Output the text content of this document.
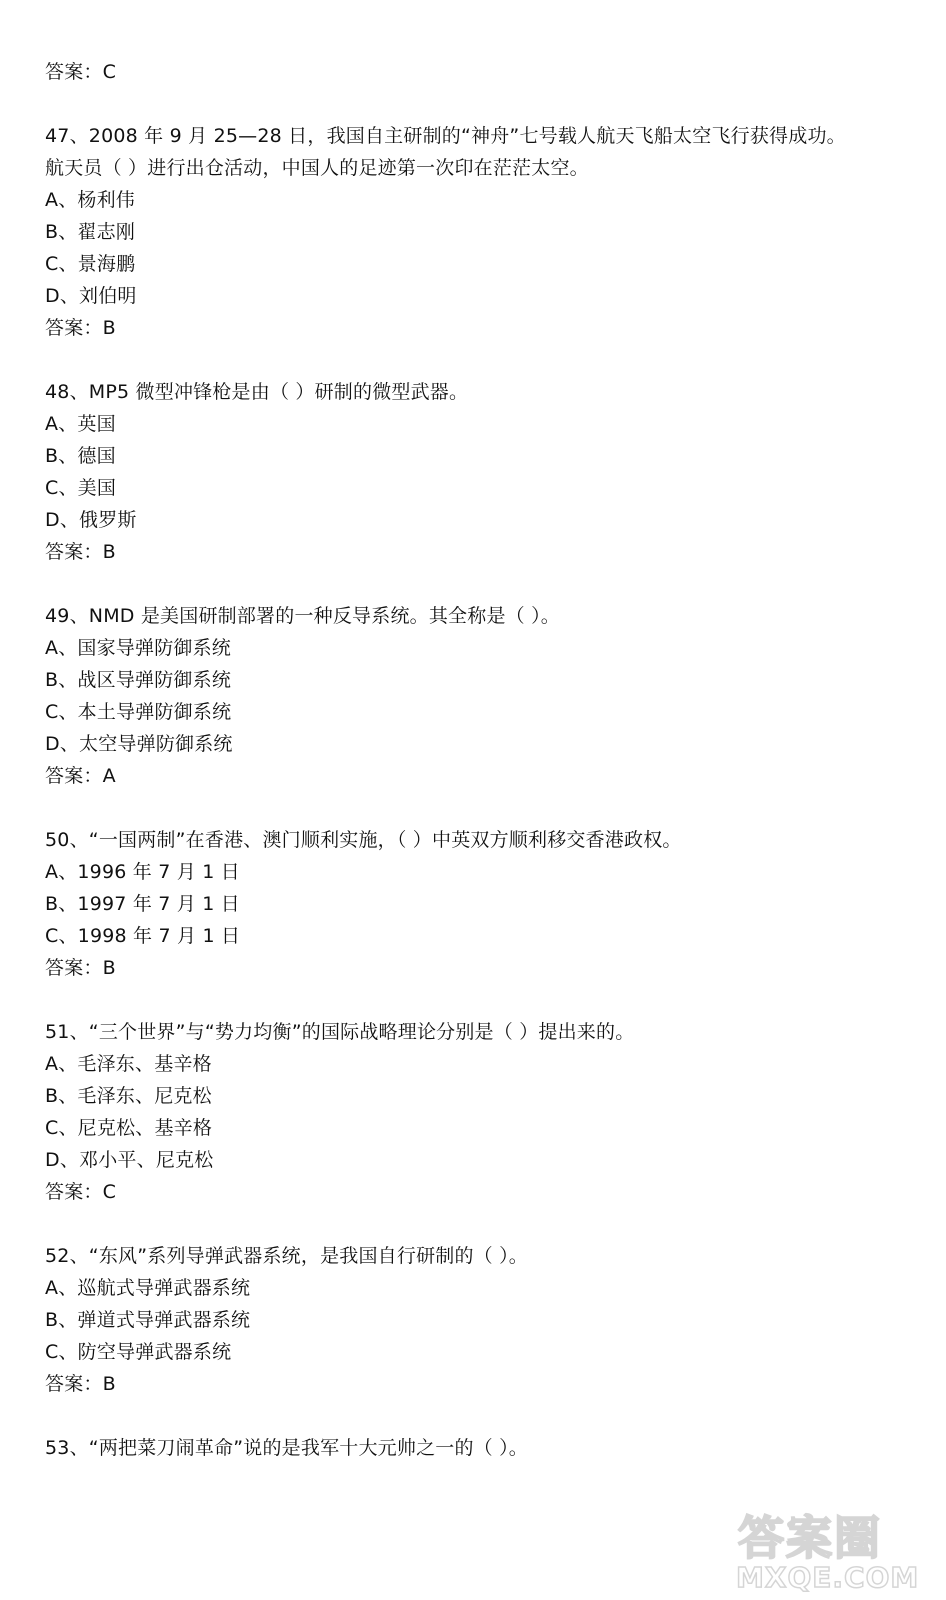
答案：C
47、2008 年 9 月 25—28 日，我国自主研制的“神舟”七号载人航天飞船太空飞行获得成功。
航天员（ ）进行出仓活动，中国人的足迹第一次印在茫茫太空。
A、杨利伟
B、翟志刚
C、景海鹏
D、刘伯明
答案：B
48、MP5 微型冲锋枪是由（ ）研制的微型武器。
A、英国
B、德国
C、美国
D、俄罗斯
答案：B
49、NMD 是美国研制部署的一种反导系统。其全称是（ ）。
A、国家导弹防御系统
B、战区导弹防御系统
C、本土导弹防御系统
D、太空导弹防御系统
答案：A
50、“一国两制”在香港、澳门顺利实施，（ ）中英双方顺利移交香港政权。
A、1996 年 7 月 1 日
B、1997 年 7 月 1 日
C、1998 年 7 月 1 日
答案：B
51、“三个世界”与“势力均衡”的国际战略理论分别是（ ）提出来的。
A、毛泽东、基辛格
B、毛泽东、尼克松
C、尼克松、基辛格
D、邓小平、尼克松
答案：C
52、“东风”系列导弹武器系统，是我国自行研制的（ ）。
A、巡航式导弹武器系统
B、弹道式导弹武器系统
C、防空导弹武器系统
答案：B
53、“两把菜刀闹革命”说的是我军十大元帅之一的（ ）。
答案圈
MXQE.COM
